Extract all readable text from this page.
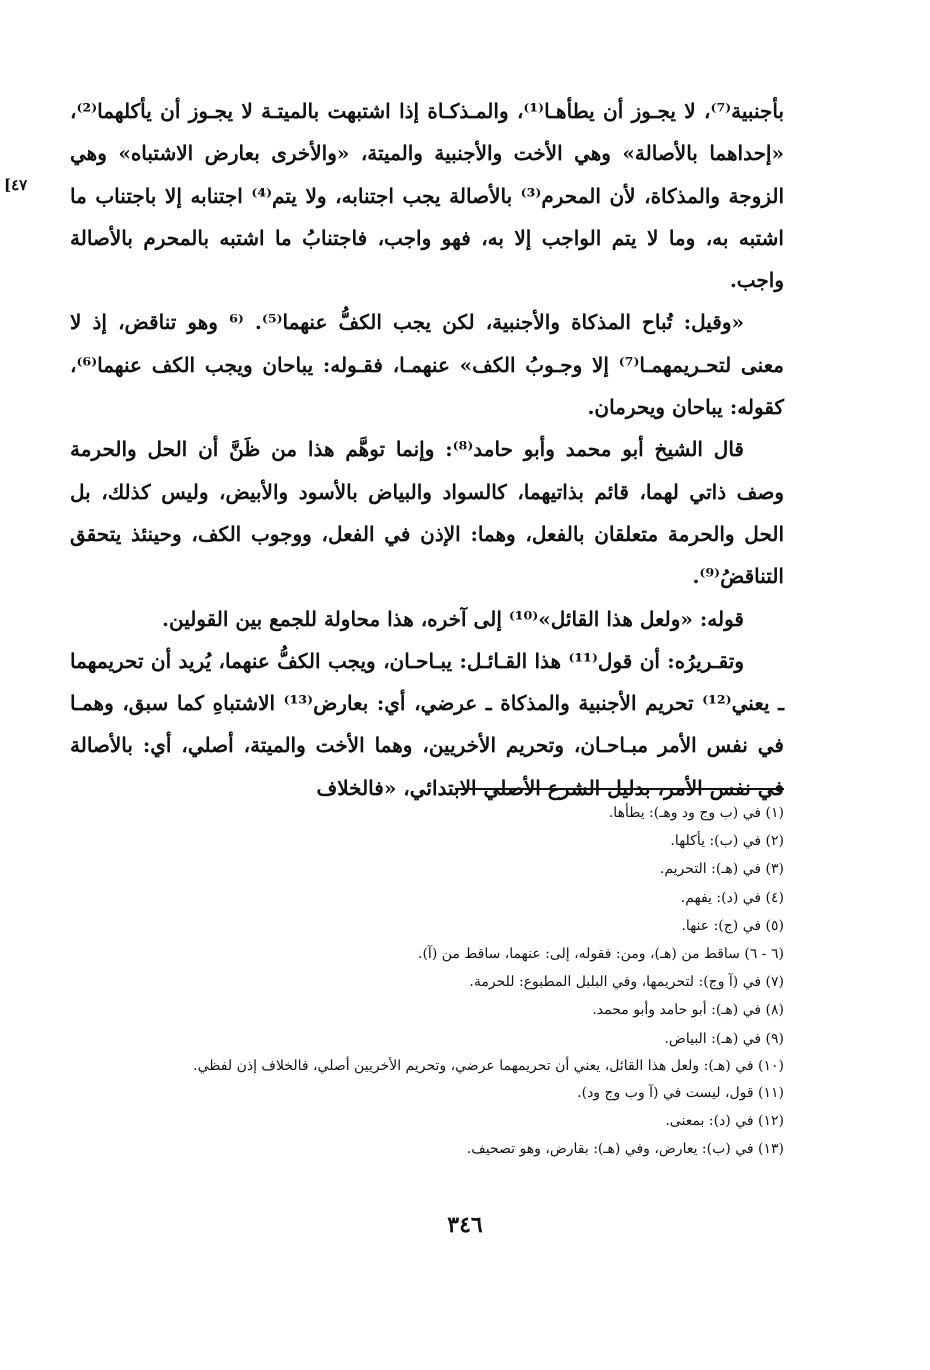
[٤٧

بأجنبية⁽⁷⁾، لا يجـوز أن يطأهـا⁽¹⁾، والمـذكـاة إذا اشتبهت بالميتـة لا يجـوز أن يأكلهما⁽²⁾، «إحداهما بالأصالة» وهي الأخت والأجنبية والميتة، «والأخرى بعارض الاشتباه» وهي الزوجة والمذكاة، لأن المحرم⁽³⁾ بالأصالة يجب اجتنابه، ولا يتم⁽⁴⁾ اجتنابه إلا باجتناب ما اشتبه به، وما لا يتم الواجب إلا به، فهو واجب، فاجتنابُ ما اشتبه بالمحرم بالأصالة واجب.

«وقيل: تُباح المذكاة والأجنبية، لكن يجب الكفُّ عنهما⁽⁵⁾. ⁽⁶ وهو تناقض، إذ لا معنى لتحـريمهمـا⁽⁷⁾ إلا وجـوبُ الكف» عنهمـا، فقـوله: يباحان ويجب الكف عنهما⁽⁶⁾، كقوله: يباحان ويحرمان.

قال الشيخ أبو محمد وأبو حامد⁽⁸⁾: وإنما توهَّم هذا من ظَنَّ أن الحل والحرمة وصف ذاتي لهما، قائم بذاتيهما، كالسواد والبياض بالأسود والأبيض، وليس كذلك، بل الحل والحرمة متعلقان بالفعل، وهما: الإذن في الفعل، ووجوب الكف، وحينئذ يتحقق التناقضُ⁽⁹⁾.

قوله: «ولعل هذا القائل»⁽¹⁰⁾ إلى آخره، هذا محاولة للجمع بين القولين.

وتقـريرُه: أن قول⁽¹¹⁾ هذا القـائـل: يبـاحـان، ويجب الكفُّ عنهما، يُريد أن تحريمهما ـ يعني⁽¹²⁾ تحريم الأجنبية والمذكاة ـ عرضي، أي: بعارض⁽¹³⁾ الاشتباهِ كما سبق، وهمـا في نفس الأمر مبـاحـان، وتحريم الأخريين، وهما الأخت والميتة، أصلي، أي: بالأصالة في نفس الأمر، بدليل الشرع الأصلي الابتدائي، «فالخلاف

(١) في (ب وج ود وهـ): يطأها.

(٢) في (ب): يأكلها.

(٣) في (هـ): التحريم.

(٤) في (د): يفهم.

(٥) في (ج): عنها.

(٦ - ٦) ساقط من (هـ)، ومن: فقوله، إلى: عنهما، ساقط من (آ).

(٧) في (آ وج): لتحريمها، وفي البلبل المطبوع: للحرمة.

(٨) في (هـ): أبو حامد وأبو محمد.

(٩) في (هـ): البياض.

(١٠) في (هـ): ولعل هذا القائل، يعني أن تحريمهما عرضي، وتحريم الأخريين أصلي، فالخلاف إذن لفظي.

(١١) قول، ليست في (آ وب وج ود).

(١٢) في (د): بمعنى.

(١٣) في (ب): يعارض، وفي (هـ): بقارض، وهو تصحيف.

٣٤٦
